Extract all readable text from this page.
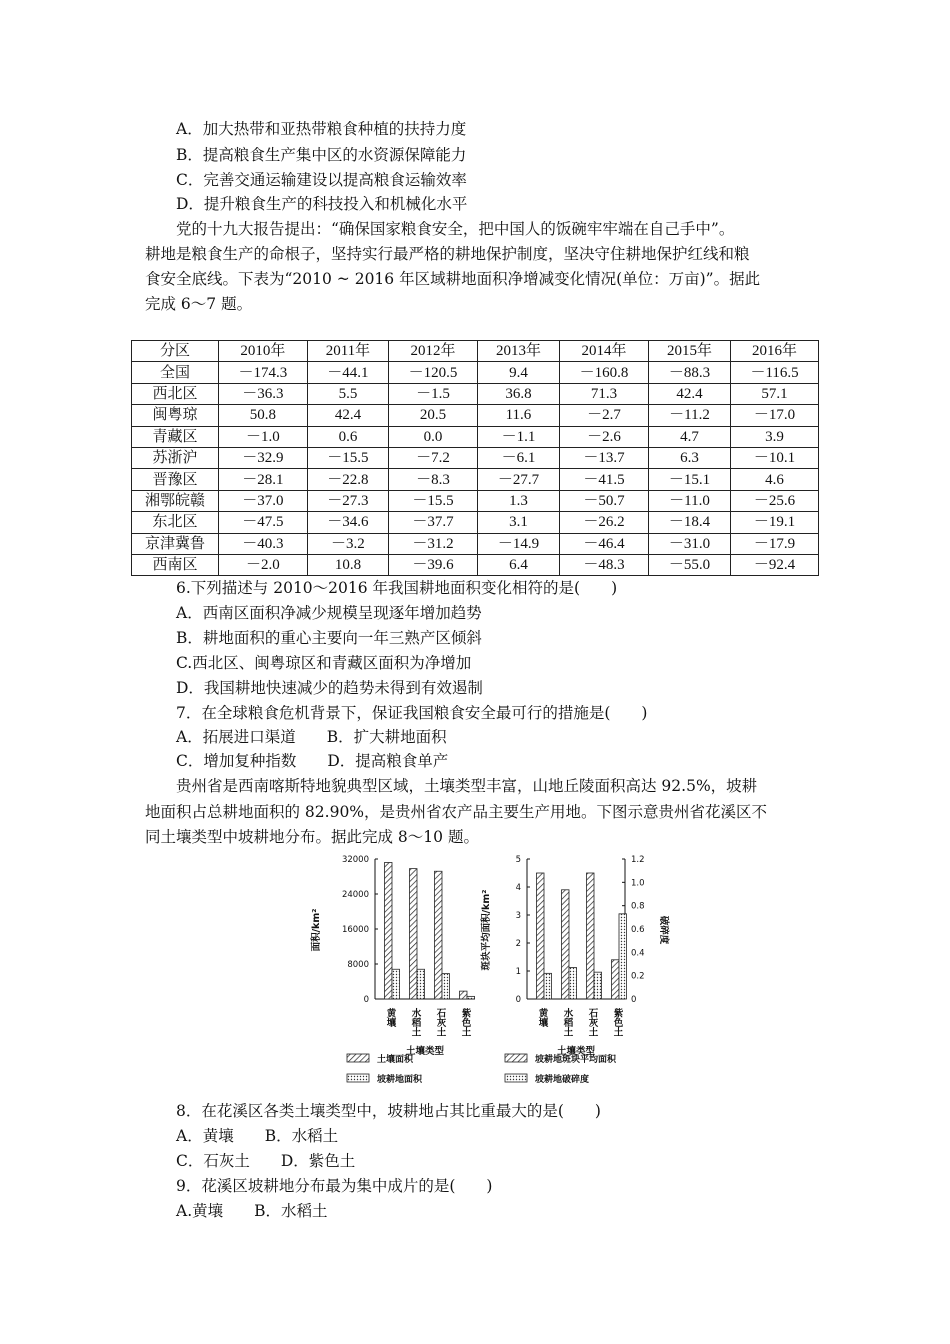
A．加大热带和亚热带粮食种植的扶持力度
B．提高粮食生产集中区的水资源保障能力
C．完善交通运输建设以提高粮食运输效率
D．提升粮食生产的科技投入和机械化水平
党的十九大报告提出：“确保国家粮食安全，把中国人的饭碗牢牢端在自己手中”。
耕地是粮食生产的命根子，坚持实行最严格的耕地保护制度，坚决守住耕地保护红线和粮
食安全底线。下表为“2010 ~ 2016 年区域耕地面积净增减变化情况(单位：万亩)”。据此
完成 6～7 题。
分区	2010年	2011年	2012年	2013年	2014年	2015年	2016年
全国	－174.3	－44.1	－120.5	9.4	－160.8	－88.3	－116.5
西北区	－36.3	5.5	－1.5	36.8	71.3	42.4	57.1
闽粤琼	50.8	42.4	20.5	11.6	－2.7	－11.2	－17.0
青藏区	－1.0	0.6	0.0	－1.1	－2.6	4.7	3.9
苏浙沪	－32.9	－15.5	－7.2	－6.1	－13.7	6.3	－10.1
晋豫区	－28.1	－22.8	－8.3	－27.7	－41.5	－15.1	4.6
湘鄂皖赣	－37.0	－27.3	－15.5	1.3	－50.7	－11.0	－25.6
东北区	－47.5	－34.6	－37.7	3.1	－26.2	－18.4	－19.1
京津冀鲁	－40.3	－3.2	－31.2	－14.9	－46.4	－31.0	－17.9
西南区	－2.0	10.8	－39.6	6.4	－48.3	－55.0	－92.4
6.下列描述与 2010～2016 年我国耕地面积变化相符的是(　　)
A．西南区面积净减少规模呈现逐年增加趋势
B．耕地面积的重心主要向一年三熟产区倾斜
C.西北区、闽粤琼区和青藏区面积为净增加
D．我国耕地快速减少的趋势未得到有效遏制
7．在全球粮食危机背景下，保证我国粮食安全最可行的措施是(　　)
A．拓展进口渠道　　B．扩大耕地面积
C．增加复种指数　　D．提高粮食单产
贵州省是西南喀斯特地貌典型区域，土壤类型丰富，山地丘陵面积高达 92.5%，坡耕
地面积占总耕地面积的 82.90%，是贵州省农产品主要生产用地。下图示意贵州省花溪区不
同土壤类型中坡耕地分布。据此完成 8～10 题。
0
8000
16000
24000
32000
面积/km²
黄壤 水稻土 石灰土 紫色土
土壤类型
0
1
2
3
4
5
0
0.2
0.4
0.6
0.8
1.0
1.2
斑块平均面积/km²	破碎度
黄壤 水稻土 石灰土 紫色土
土壤类型
土壤面积
坡耕地面积
坡耕地斑块平均面积
坡耕地破碎度
8．在花溪区各类土壤类型中，坡耕地占其比重最大的是(　　)
A．黄壤　　B．水稻土
C．石灰土　　D．紫色土
9．花溪区坡耕地分布最为集中成片的是(　　)
A.黄壤　　B．水稻土
